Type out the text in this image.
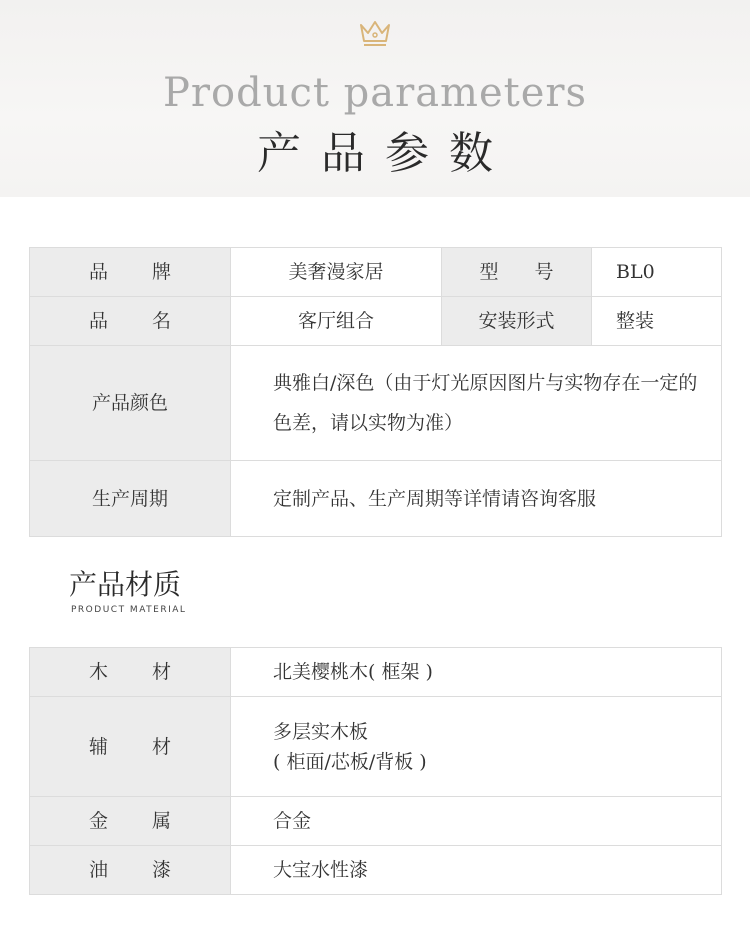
Product parameters
产品参数
品牌	美奢漫家居	型号	BL0
品名	客厅组合	安装形式	整装
产品颜色	典雅白/深色（由于灯光原因图片与实物存在一定的色差，请以实物为准）		
生产周期	定制产品、生产周期等详情请咨询客服		
产品材质
PRODUCT MATERIAL
木材	北美樱桃木( 框架 )
辅材	多层实木板
( 柜面/芯板/背板 )

金属	合金
油漆	大宝水性漆
